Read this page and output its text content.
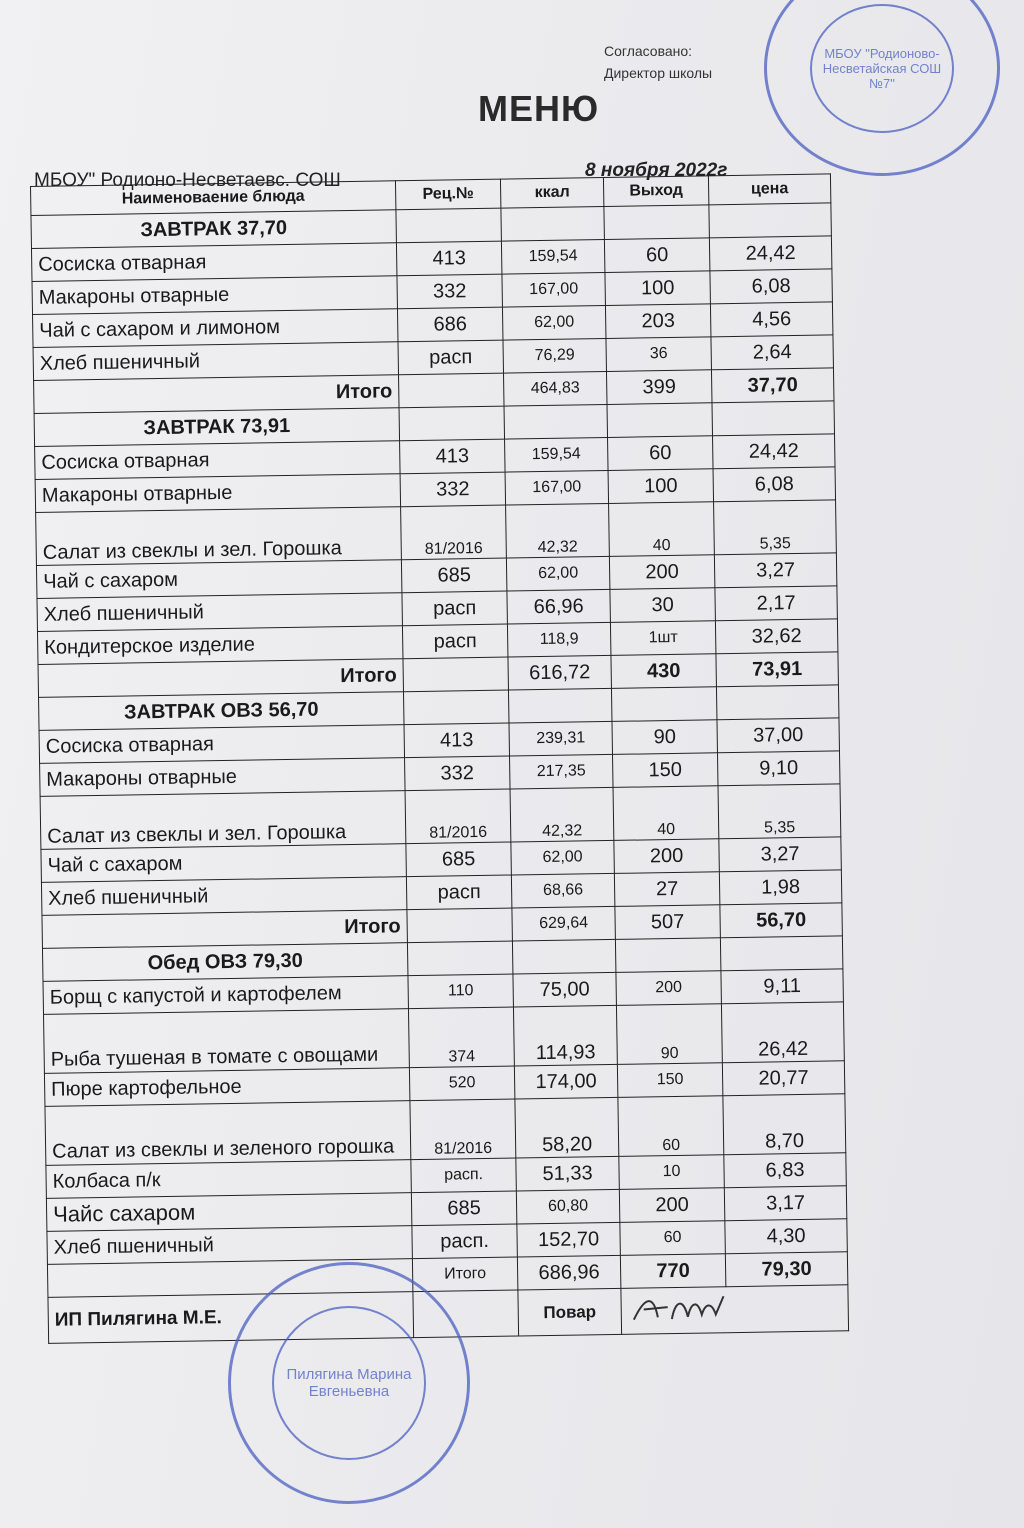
Согласовано:
Директор школы
МЕНЮ
МБОУ" Родионо-Несветаевс. СОШ	8 ноября 2022г
Наименоваение блюда	Рец.№	ккал	Выход	цена
ЗАВТРАК 37,70				
Сосиска отварная	413	159,54	60	24,42
Макароны отварные	332	167,00	100	6,08
Чай с сахаром и лимоном	686	62,00	203	4,56
Хлеб пшеничный	расп	76,29	36	2,64
Итого		464,83	399	37,70
ЗАВТРАК 73,91				
Сосиска отварная	413	159,54	60	24,42
Макароны отварные	332	167,00	100	6,08
Салат из свеклы и зел. Горошка	81/2016	42,32	40	5,35
Чай с сахаром	685	62,00	200	3,27
Хлеб пшеничный	расп	66,96	30	2,17
Кондитерское изделие	расп	118,9	1шт	32,62
Итого		616,72	430	73,91
ЗАВТРАК ОВЗ 56,70				
Сосиска отварная	413	239,31	90	37,00
Макароны отварные	332	217,35	150	9,10
Салат из свеклы и зел. Горошка	81/2016	42,32	40	5,35
Чай с сахаром	685	62,00	200	3,27
Хлеб пшеничный	расп	68,66	27	1,98
Итого		629,64	507	56,70
Обед ОВЗ 79,30				
Борщ с капустой и картофелем	110	75,00	200	9,11
Рыба тушеная в томате с овощами	374	114,93	90	26,42
Пюре картофельное	520	174,00	150	20,77
Салат из свеклы и зеленого горошка	81/2016	58,20	60	8,70
Колбаса п/к	расп.	51,33	10	6,83
Чайс сахаром	685	60,80	200	3,17
Хлеб пшеничный	расп.	152,70	60	4,30
	Итого	686,96	770	79,30
ИП Пилягина М.Е.		Повар	
МБОУ "Родионово-Несветайская СОШ №7"
Пилягина Марина Евгеньевна
